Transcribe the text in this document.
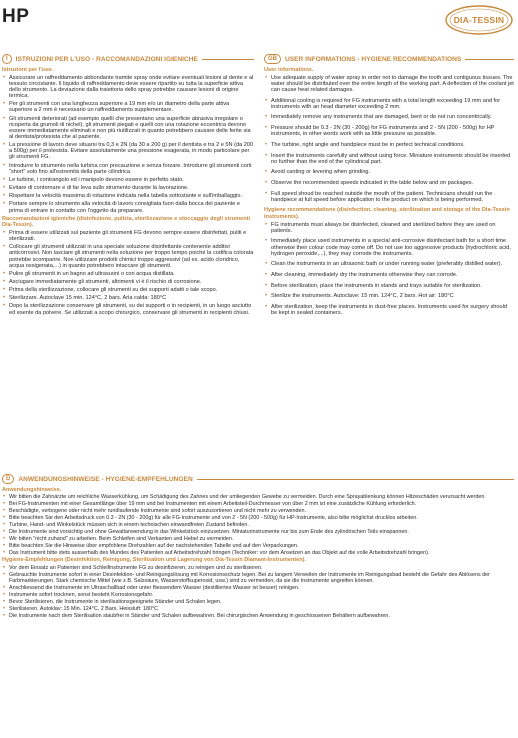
HP	DIA-TESSIN
I	ISTRUZIONI PER L'USO - RACCOMANDAZIONI IGIENICHE
Istruzioni per l'uso.
• Assicurare un raffreddamento abbondante tramite spray onde evitare eventuali lesioni al dente e al tessuto circostante. Il liquido di raffreddamento deve essere ripartito su tutta la superficie attiva dello strumento. La deviazione dalla traiettoria dello spray potrebbe causare lesioni di origine termica.
• Per gli strumenti con una lunghezza superiore a 19 mm e/o un diametro della parte attiva superiore a 2 mm è necessario un raffreddamento supplementare.
• Gli strumenti deteriorati (ad esempio quelli che presentano una superficie abrasiva irregolare o ricoperta da grumoli di nichel), gli strumenti piegati e quelli con una rotazione eccentrica devono essere immediatamente eliminati e non più riutilizzati in quanto potrebbero causare delle ferite sia al dentista/protesista che al paziente.
• La pressione di lavoro deve situarsi tra 0,3 e 2N (da 30 a 200 g) per il dentista e tra 2 e 5N (da 200 a 500g) per il protesista. Evitare assolutamente una pressione esagerata, in modo particolare per gli strumenti FG.
• Introdurre lo strumento nella turbina con precauzione e senza forzare. Introdurre gli strumenti corti "short" solo fino all'estremità della parte cilindrica.
• Le turbine, i contrangolo ed i manipolo devono essere in perfetto stato.
• Evitare di contornare e di far leva sullo strumento durante la lavorazione.
• Rispettare la velocità massima di rotazione indicata nella tabella sottostante e sull'imballaggio.
• Portare sempre lo strumento alla velocità di lavoro consigliata fuori dalla bocca del paziente e prima di entrare in contatto con l'oggetto da preparare.
Raccomandazioni igieniche (disinfezione, pulizia, sterilizzazione e stoccaggio degli strumenti Dia-Tessin).
• Prima di essere utilizzati sul paziente gli strumenti FG devono sempre essere disinfettati, puliti e sterilizzati.
• Collocare gli strumenti utilizzati in una speciale soluzione disinfettante contenente additivi anticorrosivi. Non lasciare gli strumenti nella soluzione per troppo tempo poiché la codifica colorata potrebbe scomparire. Non utilizzare prodotti chimici troppo aggressivi (ad es. acido cloridrico, acqua ossigenata,...) in quanto potrebbero intaccare gli strumenti.
• Pulire gli strumenti in un bagno ad ultrasuoni o con acqua distillata.
• Asciugare immediatamente gli strumenti, altrimenti vi è il rischio di corrosione.
• Prima della sterilizzazione, collocare gli strumenti su dei supporti adatti o tale scopo.
• Sterilizzare. Autoclave 15 min. 124°C, 2 bars. Aria calda: 180°C
• Dopo la sterilizzazione conservare gli strumenti, su dei supporti o in recipienti, in un luogo asciutto ed esente da polvere. Se utilizzati a scopo chirurgico, conservare gli strumenti in recipienti chiusi.
GB	USER INFORMATIONS - HYGIENE RECOMMENDATIONS
User informations.
• Use adequate supply of water spray in order not to damage the tooth and contiguous tissues. The water should be distributed over the entire length of the working part. A deflection of the coolant jet can cause heat related damages.
• Additional cooling is required for FG instruments with a total length exceeding 19 mm and for instruments with an head diameter exceeding 2 mm.
• Immediately remove any instruments that are damaged, bent or do not run concentrically.
• Pressure should be 0.3 - 2N (30 - 200g) for FG instruments and 2 - 5N (200 - 500g) for HP instruments, in other words work with as little pressure as possible.
• The turbine, right angle and handpiece must be in perfect technical conditions.
• Insert the instruments carefully and without using force. Miniature instruments should be inserted no further than the end of the cylindrical part.
• Avoid canting or levering when grinding.
• Observe the recommended speeds indicated in the table below and on packages.
• Full speed shoud be reached outside the mouth of the patient. Technicians should run the handpiece at full speed before application to the product on which is being performed.
Hygiene recommendations (disinfection, cleaning, sterilization and storage of the Dia-Tessin instruments).
• FG instruments must always be disinfected, cleaned and sterilized before they are used on patients.
• Immediately place used instruments in a special anti-corrosive disinfectant bath for a short time otherwise their colour code may come off. Do not use too aggressive products (hydrochloric acid, hydrogen peroxide,...), they may corrode the instruments.
• Clean the instruments in an ultrasonic bath or under running water (preferably distilled water).
• After cleaning, immediately dry the instruments otherwise they can corrode.
• Before sterilization, place the instruments in stands and trays suitable for sterilization.
• Sterilize the instruments. Autoclave: 15 min. 124°C, 2 bars. Hot air: 180°C
• After sterilization, keep the instruments in dust-free places. Instruments used for surgery should be kept in sealed containers.
D	ANWENDUNGSHINWEISE - HYGIENE-EMPFEHLUNGEN
Anwendungshinweise.
• Wir bitten die Zahnärzte um reichliche Wasserkühlung, um Schädigung des Zahnes und der umliegenden Gewebe zu vermeiden. Durch eine Sprayablenkung können Hitzeschäden verursacht werden.
• Bei FG-Instrumenten mit einer Gesamtlänge über 19 mm und bei Instrumenten mit einem Arbeitsteil-Durchmesser von über 2 mm ist eine zusätzliche Kühlung erforderlich.
• Beschädigte, verbogene oder nicht mehr rundlaufende Instrumente sind sofort auszusortieren und nicht mehr zu verwenden.
• Bitte beachten Sie den Arbeitsdruck von 0.3 - 2N (30 - 200g) für alle FG-Instrumente und von 2 - 5N (200 - 500g) für HP-Instrumente, also bitte möglichst drucklos arbeiten.
• Turbine, Hand- und Winkelstück müssen sich in einem technischen einwandfreien Zustand befinden.
• Die Instrumente sind vorsichtig und ohne Gewaltanwendung in das Winkelstück einzusetzen. Miniaturinstrumente nur bis zum Ende des zylindrischen Teils einspannen.
• Wir bitten "nicht zuhand" zu arbeiten. Beim Schleifen sind Verkanten und Hebel zu vermeiden.
• Bitte beachten Sie die Hinweise über empfohlene Drehzahlen auf der nachstehenden Tabelle und auf den Verpackungen.
• Das Instrument bitte stets ausserhalb des Mundes des Patienten auf Arbeitsdrehzahl bringen (Techniker: vor dem Ansetzen an das Objekt auf die volle Arbeitsdrehzahl bringen).
Hygiene-Empfehlungen (Desinfektion, Reinigung, Sterilisation und Lagerung von Dia-Tessin Diamant-Instrumenten).
• Vor dem Einsatz an Patienten sind Schleifinstrumente FG zu desinfizieren, zu reinigen und zu sterilisieren.
• Gebrauchte Instrumente sofort in einer Desinfektion- und Reinigungslösung mit Korrosionsschutz legen. Bei zu langem Verweilen der Instrumente im Reinigungsbad besteht die Gefahr des Ablösens der Farbmarkierungen. Stark chemische Mittel (wie z.B. Salzsäure, Wasserstoffsuperoxid, usw.) sind zu vermeiden, da sie die Instrumente angreifen können.
• Anschliessend die Instrumente im Ultraschallbad oder unter fliessendem Wasser (destilliertes Wasser ist besser) reinigen.
• Instrumente sofort trocknen, sonst besteht Korrosionsgefahr.
• Bevor Sterilisieren, die Instrumente in sterilisationsgeeignete Ständer und Schalen legen.
• Sterilisieren. Autoklav: 15 Min. 124°C, 2 Bars. Heissluft: 180°C
• Die Instrumente nach dem Sterilisation staubfrei in Ständer und Schalen aufbewahren. Bei chirurgischen Anwendung in geschlossenen Behältern aufbewahren.
